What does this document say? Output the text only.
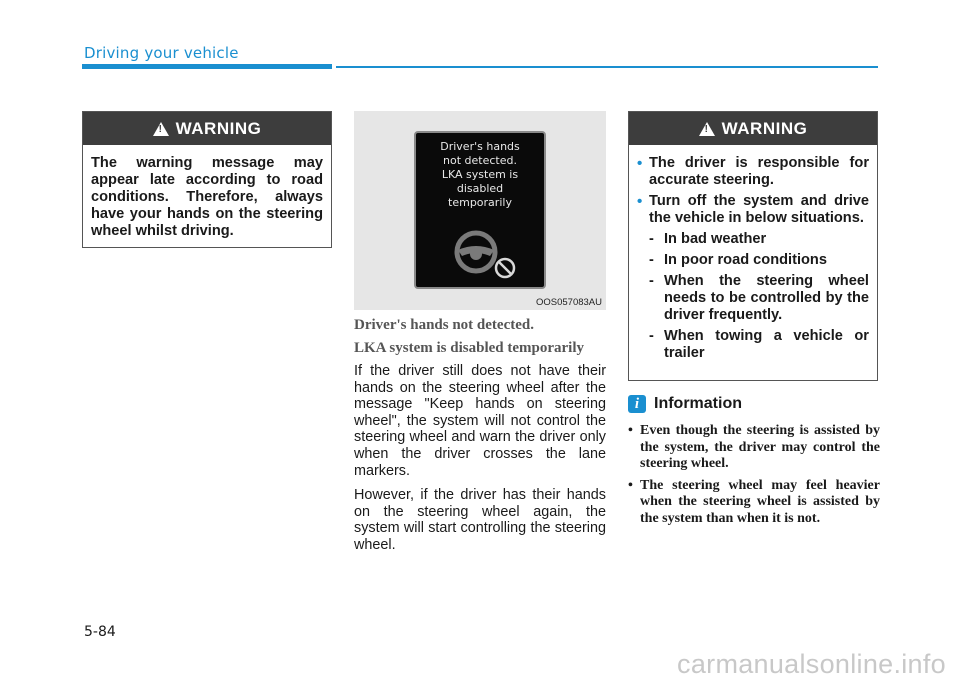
Driving your vehicle
!
WARNING
The warning message may appear late according to road conditions. Therefore, always have your hands on the steering wheel whilst driving.
Driver's hands
not detected.
LKA system is
disabled
temporarily
OOS057083AU
Driver's hands not detected.
LKA system is disabled temporarily

If the driver still does not have their hands on the steering wheel after the message "Keep hands on steering wheel", the system will not control the steering wheel and warn the driver only when the driver crosses the lane markers.

However, if the driver has their hands on the steering wheel again, the system will start controlling the steering wheel.

!
WARNING
• The driver is responsible for accurate steering.
• Turn off the system and drive the vehicle in below situations.
- In bad weather
- In poor road conditions
- When the steering wheel needs to be controlled by the driver frequently.
- When towing a vehicle or trailer
i Information
• Even though the steering is assisted by the system, the driver may control the steering wheel.
• The steering wheel may feel heavier when the steering wheel is assisted by the system than when it is not.
5-84
carmanualsonline.info
